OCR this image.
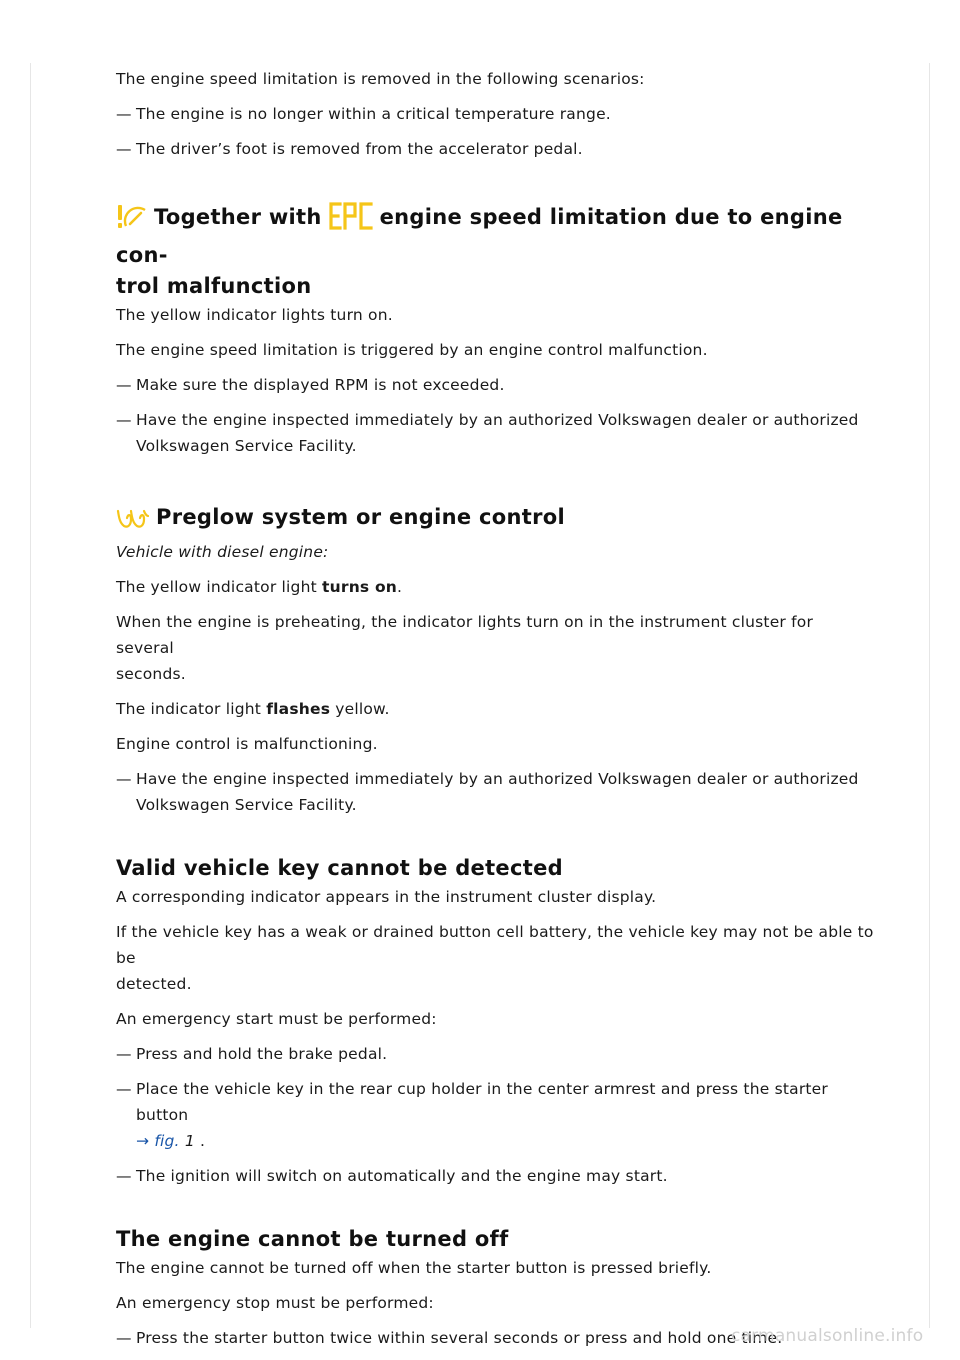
The engine speed limitation is removed in the following scenarios:

— The engine is no longer within a critical temperature range.

— The driver’s foot is removed from the accelerator pedal.

Together with	engine speed limitation due to engine con-
trol malfunction

The yellow indicator lights turn on.

The engine speed limitation is triggered by an engine control malfunction.

— Make sure the displayed RPM is not exceeded.

— Have the engine inspected immediately by an authorized Volkswagen dealer or authorized
Volkswagen Service Facility.

Preglow system or engine control

Vehicle with diesel engine:

The yellow indicator light turns on.

When the engine is preheating, the indicator lights turn on in the instrument cluster for several
seconds.

The indicator light flashes yellow.

Engine control is malfunctioning.

— Have the engine inspected immediately by an authorized Volkswagen dealer or authorized
Volkswagen Service Facility.

Valid vehicle key cannot be detected

A corresponding indicator appears in the instrument cluster display.

If the vehicle key has a weak or drained button cell battery, the vehicle key may not be able to be
detected.

An emergency start must be performed:

— Press and hold the brake pedal.

— Place the vehicle key in the rear cup holder in the center armrest and press the starter button
→ fig. 1 .

— The ignition will switch on automatically and the engine may start.

The engine cannot be turned off

The engine cannot be turned off when the starter button is pressed briefly.

An emergency stop must be performed:

— Press the starter button twice within several seconds or press and hold one time.

carmanualsonline.info
